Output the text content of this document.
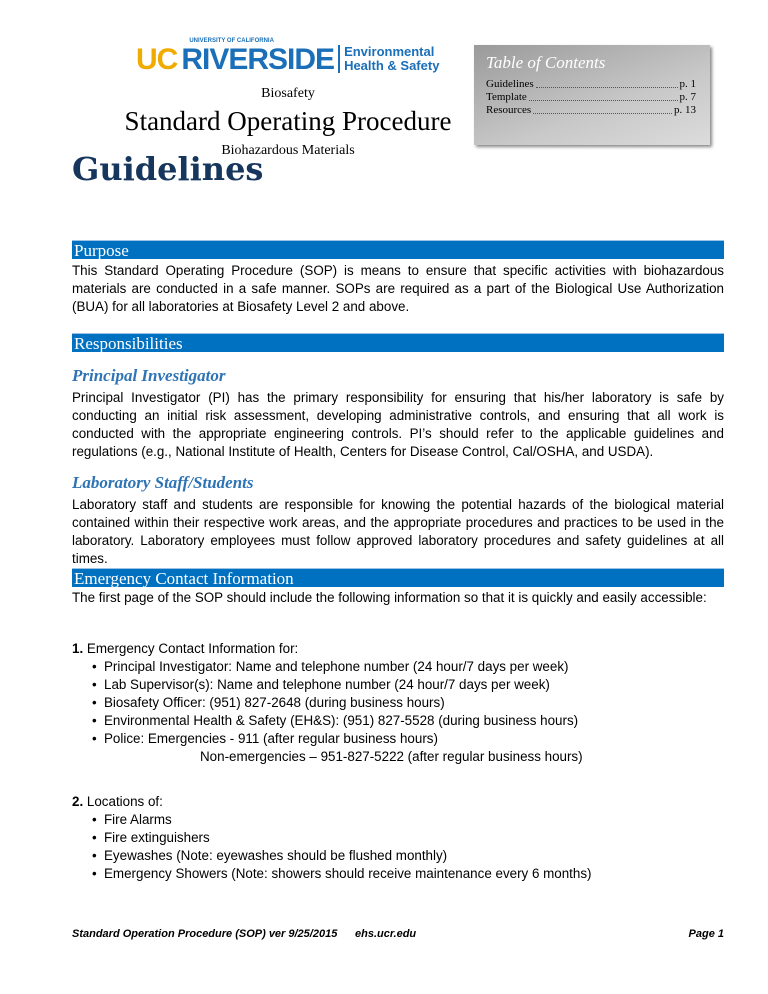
UC
UNIVERSITY OF CALIFORNIA
RIVERSIDE Environmental
Health & Safety
Biosafety
Standard Operating Procedure
Biohazardous Materials
Table of Contents
Guidelines	p. 1
Template	p. 7
Resources	p. 13
Guidelines
Purpose
This Standard Operating Procedure (SOP) is means to ensure that specific activities with biohazardous materials are conducted in a safe manner. SOPs are required as a part of the Biological Use Authorization (BUA) for all laboratories at Biosafety Level 2 and above.
Responsibilities
Principal Investigator
Principal Investigator (PI) has the primary responsibility for ensuring that his/her laboratory is safe by conducting an initial risk assessment, developing administrative controls, and ensuring that all work is conducted with the appropriate engineering controls. PI’s should refer to the applicable guidelines and regulations (e.g., National Institute of Health, Centers for Disease Control, Cal/OSHA, and USDA).
Laboratory Staff/Students
Laboratory staff and students are responsible for knowing the potential hazards of the biological material contained within their respective work areas, and the appropriate procedures and practices to be used in the laboratory. Laboratory employees must follow approved laboratory procedures and safety guidelines at all times.
Emergency Contact Information
The first page of the SOP should include the following information so that it is quickly and easily accessible:
1. Emergency Contact Information for:
• Principal Investigator: Name and telephone number (24 hour/7 days per week)
• Lab Supervisor(s): Name and telephone number (24 hour/7 days per week)
• Biosafety Officer: (951) 827-2648 (during business hours)
• Environmental Health & Safety (EH&S): (951) 827-5528 (during business hours)
• Police: Emergencies - 911 (after regular business hours)
Non-emergencies – 951-827-5222 (after regular business hours)
2. Locations of:
• Fire Alarms
• Fire extinguishers
• Eyewashes (Note: eyewashes should be flushed monthly)
• Emergency Showers (Note: showers should receive maintenance every 6 months)
Standard Operation Procedure (SOP) ver 9/25/2015 ehs.ucr.edu	Page 1
